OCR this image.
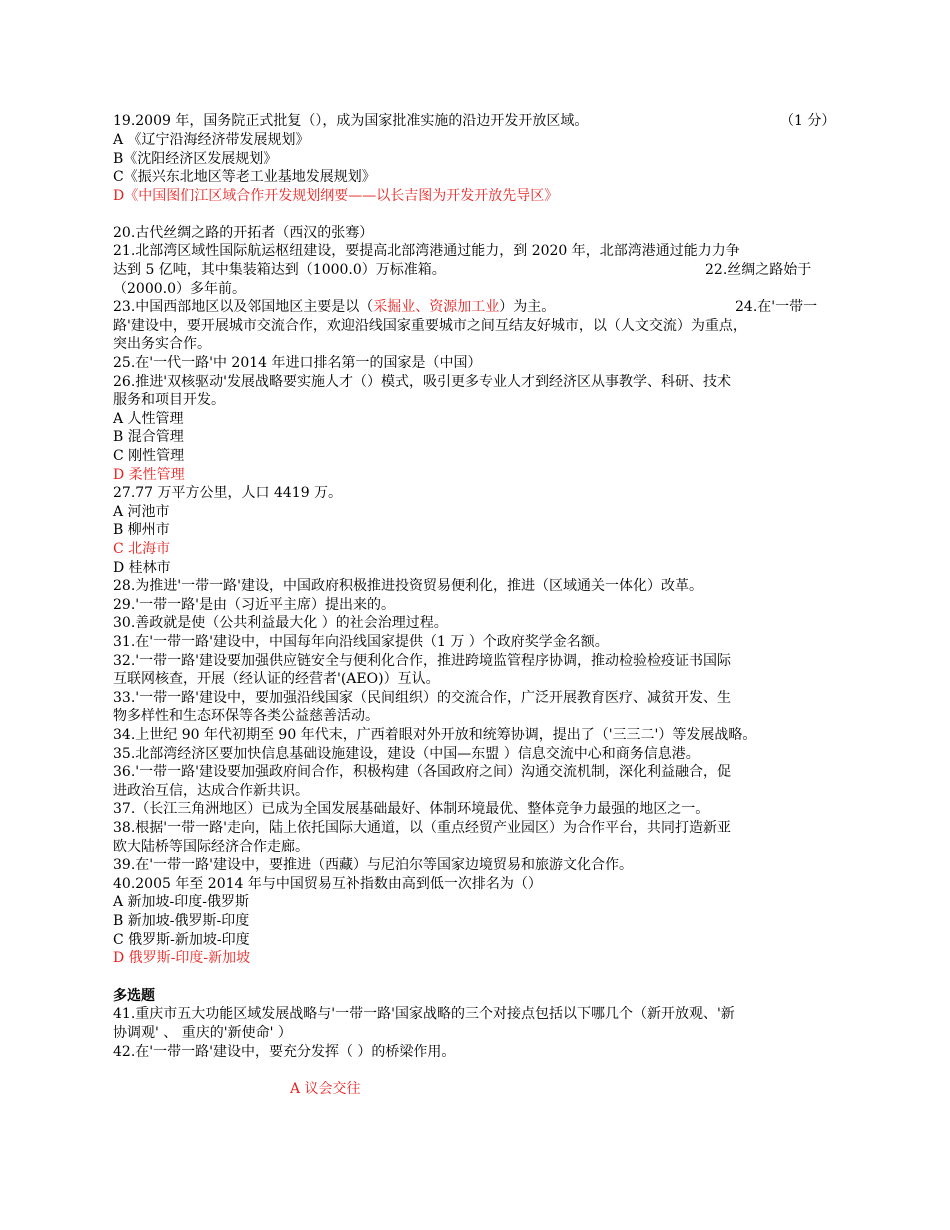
19.2009 年，国务院正式批复（），成为国家批准实施的沿边开发开放区域。	（1 分）
A 《辽宁沿海经济带发展规划》
B《沈阳经济区发展规划》
C《振兴东北地区等老工业基地发展规划》
D《中国图们江区域合作开发规划纲要——以长吉图为开发开放先导区》
20.古代丝绸之路的开拓者（西汉的张骞）
21.北部湾区域性国际航运枢纽建设，要提高北部湾港通过能力，到 2020 年，北部湾港通过能力力争
达到 5 亿吨，其中集装箱达到（1000.0）万标准箱。	22.丝绸之路始于
（2000.0）多年前。
23.中国西部地区以及邻国地区主要是以（采掘业、资源加工业）为主。	24.在'一带一
路'建设中，要开展城市交流合作，欢迎沿线国家重要城市之间互结友好城市，以（人文交流）为重点，
突出务实合作。
25.在'一代一路'中 2014 年进口排名第一的国家是（中国）
26.推进'双核驱动'发展战略要实施人才（）模式，吸引更多专业人才到经济区从事教学、科研、技术
服务和项目开发。
A 人性管理
B 混合管理
C 刚性管理
D 柔性管理
27.77 万平方公里，人口 4419 万。
A 河池市
B 柳州市
C 北海市
D 桂林市
28.为推进'一带一路'建设，中国政府积极推进投资贸易便利化，推进（区域通关一体化）改革。
29.'一带一路'是由（习近平主席）提出来的。
30.善政就是使（公共利益最大化 ）的社会治理过程。
31.在'一带一路'建设中，中国每年向沿线国家提供（1 万 ）个政府奖学金名额。
32.'一带一路'建设要加强供应链安全与便利化合作，推进跨境监管程序协调，推动检验检疫证书国际
互联网核查，开展（经认证的经营者'(AEO)）互认。
33.'一带一路'建设中，要加强沿线国家（民间组织）的交流合作，广泛开展教育医疗、减贫开发、生
物多样性和生态环保等各类公益慈善活动。
34.上世纪 90 年代初期至 90 年代末，广西着眼对外开放和统筹协调，提出了（'三三二'）等发展战略。
35.北部湾经济区要加快信息基础设施建设，建设（中国—东盟 ）信息交流中心和商务信息港。
36.'一带一路'建设要加强政府间合作，积极构建（各国政府之间）沟通交流机制，深化利益融合，促
进政治互信，达成合作新共识。
37.（长江三角洲地区）已成为全国发展基础最好、体制环境最优、整体竞争力最强的地区之一。
38.根据'一带一路'走向，陆上依托国际大通道，以（重点经贸产业园区）为合作平台，共同打造新亚
欧大陆桥等国际经济合作走廊。
39.在'一带一路'建设中，要推进（西藏）与尼泊尔等国家边境贸易和旅游文化合作。
40.2005 年至 2014 年与中国贸易互补指数由高到低一次排名为（）
A 新加坡-印度-俄罗斯
B 新加坡-俄罗斯-印度
C 俄罗斯-新加坡-印度
D 俄罗斯-印度-新加坡
多选题
41.重庆市五大功能区域发展战略与'一带一路'国家战略的三个对接点包括以下哪几个（新开放观、'新
协调观' 、 重庆的'新使命' ）
42.在'一带一路'建设中，要充分发挥（ ）的桥梁作用。
A 议会交往
